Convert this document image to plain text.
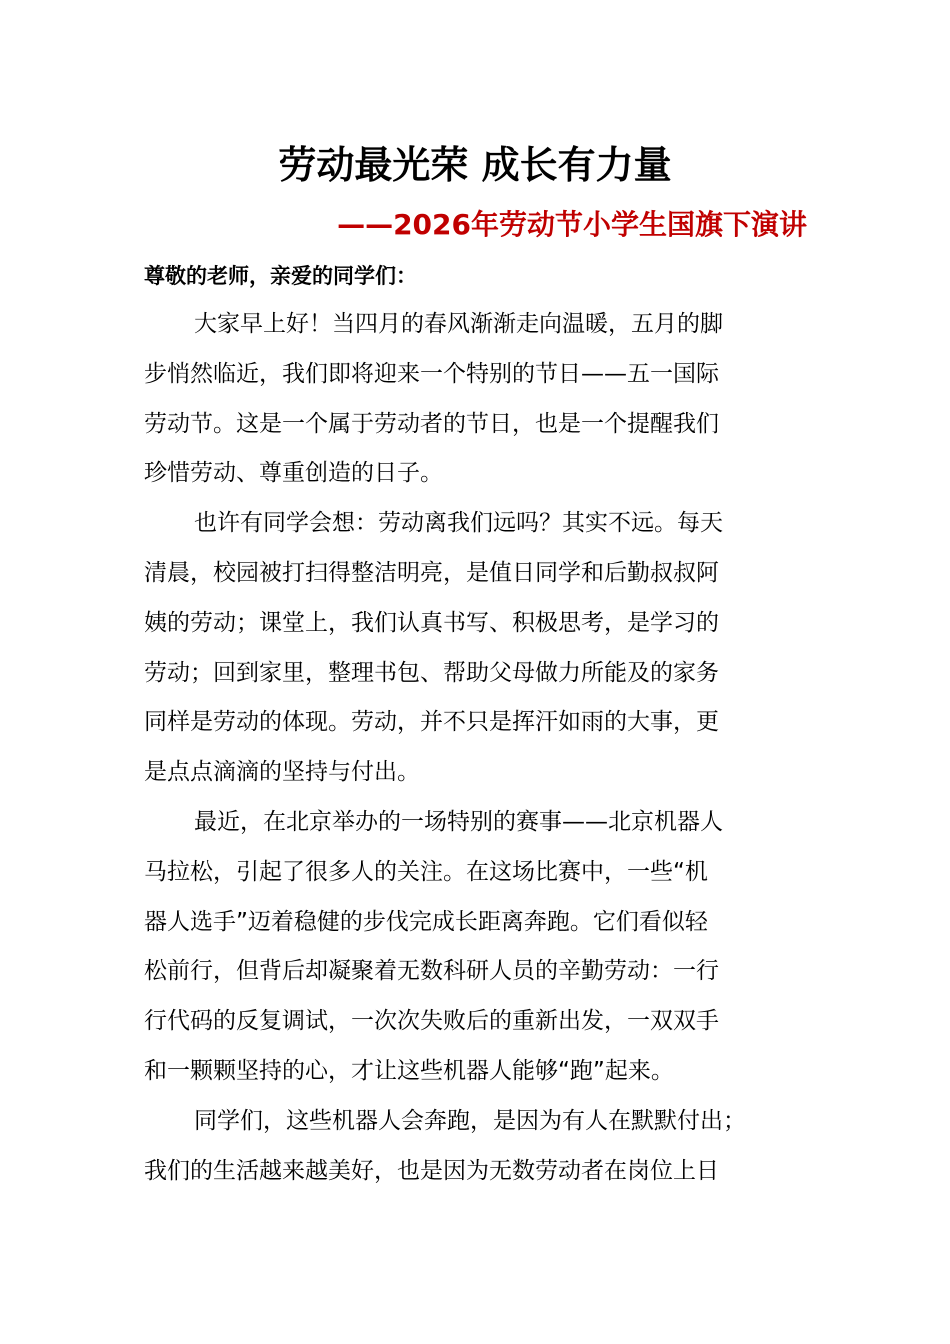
劳动最光荣 成长有力量
——2026年劳动节小学生国旗下演讲

尊敬的老师，亲爱的同学们：

大家早上好！当四月的春风渐渐走向温暖，五月的脚
步悄然临近，我们即将迎来一个特别的节日——五一国际
劳动节。这是一个属于劳动者的节日，也是一个提醒我们
珍惜劳动、尊重创造的日子。

也许有同学会想：劳动离我们远吗？其实不远。每天
清晨，校园被打扫得整洁明亮，是值日同学和后勤叔叔阿
姨的劳动；课堂上，我们认真书写、积极思考，是学习的
劳动；回到家里，整理书包、帮助父母做力所能及的家务
同样是劳动的体现。劳动，并不只是挥汗如雨的大事，更
是点点滴滴的坚持与付出。

最近，在北京举办的一场特别的赛事——北京机器人
马拉松，引起了很多人的关注。在这场比赛中，一些“机
器人选手”迈着稳健的步伐完成长距离奔跑。它们看似轻
松前行，但背后却凝聚着无数科研人员的辛勤劳动：一行
行代码的反复调试，一次次失败后的重新出发，一双双手
和一颗颗坚持的心，才让这些机器人能够“跑”起来。

同学们，这些机器人会奔跑，是因为有人在默默付出；
我们的生活越来越美好，也是因为无数劳动者在岗位上日
